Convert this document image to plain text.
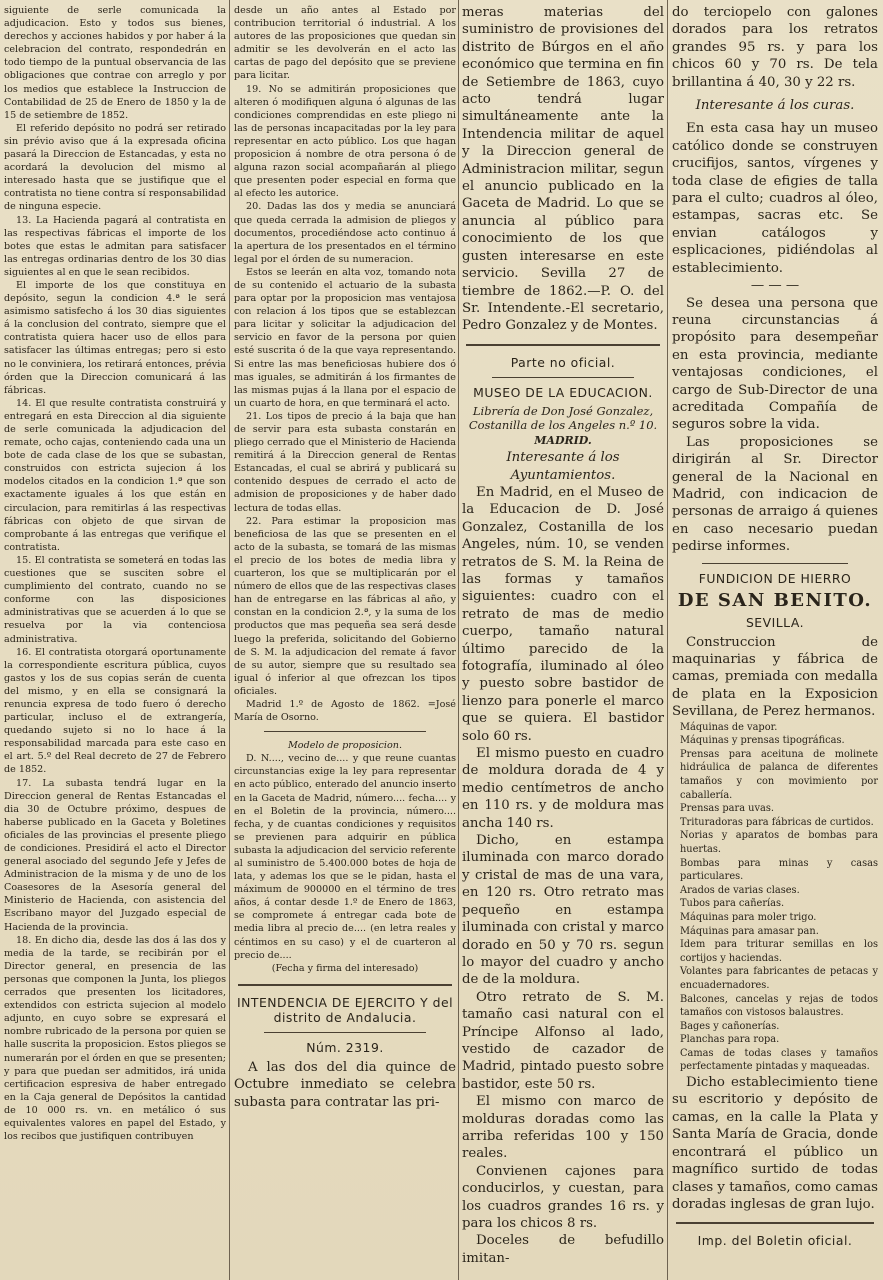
siguiente de serle comunicada la adjudicacion. Esto y todos sus bienes, derechos y acciones habidos y por haber á la celebracion del contrato, respondedrán en todo tiempo de la puntual observancia de las obligaciones que contrae con arreglo y por los medios que establece la Instruccion de Contabilidad de 25 de Enero de 1850 y la de 15 de setiembre de 1852.

El referido depósito no podrá ser retirado sin prévio aviso que á la expresada oficina pasará la Direccion de Estancadas, y esta no acordará la devolucion del mismo al interesado hasta que se justifique que el contratista no tiene contra sí responsabilidad de ninguna especie.

13. La Hacienda pagará al contratista en las respectivas fábricas el importe de los botes que estas le admitan para satisfacer las entregas ordinarias dentro de los 30 dias siguientes al en que le sean recibidos.

El importe de los que constituya en depósito, segun la condicion 4.ª le será asimismo satisfecho á los 30 dias siguientes á la conclusion del contrato, siempre que el contratista quiera hacer uso de ellos para satisfacer las últimas entregas; pero si esto no le conviniera, los retirará entonces, prévia órden que la Direccion comunicará á las fábricas.

14. El que resulte contratista construirá y entregará en esta Direccion al dia siguiente de serle comunicada la adjudicacion del remate, ocho cajas, conteniendo cada una un bote de cada clase de los que se subastan, construidos con estricta sujecion á los modelos citados en la condicion 1.ª que son exactamente iguales á los que están en circulacion, para remitirlas á las respectivas fábricas con objeto de que sirvan de comprobante á las entregas que verifique el contratista.

15. El contratista se someterá en todas las cuestiones que se susciten sobre el cumplimiento del contrato, cuando no se conforme con las disposiciones administrativas que se acuerden á lo que se resuelva por la via contenciosa administrativa.

16. El contratista otorgará oportunamente la correspondiente escritura pública, cuyos gastos y los de sus copias serán de cuenta del mismo, y en ella se consignará la renuncia expresa de todo fuero ó derecho particular, incluso el de extrangería, quedando sujeto si no lo hace á la responsabilidad marcada para este caso en el art. 5.º del Real decreto de 27 de Febrero de 1852.

17. La subasta tendrá lugar en la Direccion general de Rentas Estancadas el dia 30 de Octubre próximo, despues de haberse publicado en la Gaceta y Boletines oficiales de las provincias el presente pliego de condiciones. Presidirá el acto el Director general asociado del segundo Jefe y Jefes de Administracion de la misma y de uno de los Coasesores de la Asesoría general del Ministerio de Hacienda, con asistencia del Escribano mayor del Juzgado especial de Hacienda de la provincia.

18. En dicho dia, desde las dos á las dos y media de la tarde, se recibirán por el Director general, en presencia de las personas que componen la Junta, los pliegos cerrados que presenten los licitadores, extendidos con estricta sujecion al modelo adjunto, en cuyo sobre se expresará el nombre rubricado de la persona por quien se halle suscrita la proposicion. Estos pliegos se numerarán por el órden en que se presenten; y para que puedan ser admitidos, irá unida certificacion espresiva de haber entregado en la Caja general de Depósitos la cantidad de 10 000 rs. vn. en metálico ó sus equivalentes valores en papel del Estado, y los recibos que justifiquen contribuyen

desde un año antes al Estado por contribucion territorial ó industrial. A los autores de las proposiciones que quedan sin admitir se les devolverán en el acto las cartas de pago del depósito que se previene para licitar.

19. No se admitirán proposiciones que alteren ó modifiquen alguna ó algunas de las condiciones comprendidas en este pliego ni las de personas incapacitadas por la ley para representar en acto público. Los que hagan proposicion á nombre de otra persona ó de alguna razon social acompañarán al pliego que presenten poder especial en forma que al efecto les autorice.

20. Dadas las dos y media se anunciará que queda cerrada la admision de pliegos y documentos, procediéndose acto continuo á la apertura de los presentados en el término legal por el órden de su numeracion.

Estos se leerán en alta voz, tomando nota de su contenido el actuario de la subasta para optar por la proposicion mas ventajosa con relacion á los tipos que se establezcan para licitar y solicitar la adjudicacion del servicio en favor de la persona por quien esté suscrita ó de la que vaya representando. Si entre las mas beneficiosas hubiere dos ó mas iguales, se admitirán á los firmantes de las mismas pujas á la llana por el espacio de un cuarto de hora, en que terminará el acto.

21. Los tipos de precio á la baja que han de servir para esta subasta constarán en pliego cerrado que el Ministerio de Hacienda remitirá á la Direccion general de Rentas Estancadas, el cual se abrirá y publicará su contenido despues de cerrado el acto de admision de proposiciones y de haber dado lectura de todas ellas.

22. Para estimar la proposicion mas beneficiosa de las que se presenten en el acto de la subasta, se tomará de las mismas el precio de los botes de media libra y cuarteron, los que se multiplicarán por el número de ellos que de las respectivas clases han de entregarse en las fábricas al año, y constan en la condicion 2.ª, y la suma de los productos que mas pequeña sea será desde luego la preferida, solicitando del Gobierno de S. M. la adjudicacion del remate á favor de su autor, siempre que su resultado sea igual ó inferior al que ofrezcan los tipos oficiales.

Madrid 1.º de Agosto de 1862. =José María de Osorno.

Modelo de proposicion.

D. N...., vecino de.... y que reune cuantas circunstancias exige la ley para representar en acto público, enterado del anuncio inserto en la Gaceta de Madrid, número.... fecha.... y en el Boletin de la provincia, número.... fecha, y de cuantas condiciones y requisitos se previenen para adquirir en pública subasta la adjudicacion del servicio referente al suministro de 5.400.000 botes de hoja de lata, y ademas los que se le pidan, hasta el máximum de 900000 en el término de tres años, á contar desde 1.º de Enero de 1863, se compromete á entregar cada bote de media libra al precio de.... (en letra reales y céntimos en su caso) y el de cuarteron al precio de....

(Fecha y firma del interesado)

INTENDENCIA DE EJERCITO Y del distrito de Andalucia.
Núm. 2319.

A las dos del dia quince de Octubre inmediato se celebra subasta para contratar las pri-

meras materias del suministro de provisiones del distrito de Búrgos en el año económico que termina en fin de Setiembre de 1863, cuyo acto tendrá lugar simultáneamente ante la Intendencia militar de aquel y la Direccion general de Administracion militar, segun el anuncio publicado en la Gaceta de Madrid. Lo que se anuncia al público para conocimiento de los que gusten interesarse en este servicio. Sevilla 27 de tiembre de 1862.—P. O. del Sr. Intendente.-El secretario, Pedro Gonzalez y de Montes.

Parte no oficial.
MUSEO DE LA EDUCACION.

Librería de Don José Gonzalez, Costanilla de los Angeles n.º 10.

MADRID.

Interesante á los Ayuntamientos.

En Madrid, en el Museo de la Educacion de D. José Gonzalez, Costanilla de los Angeles, núm. 10, se venden retratos de S. M. la Reina de las formas y tamaños siguientes: cuadro con el retrato de mas de medio cuerpo, tamaño natural último parecido de la fotografía, iluminado al óleo y puesto sobre bastidor de lienzo para ponerle el marco que se quiera. El bastidor solo 60 rs.

El mismo puesto en cuadro de moldura dorada de 4 y medio centímetros de ancho en 110 rs. y de moldura mas ancha 140 rs.

Dicho, en estampa iluminada con marco dorado y cristal de mas de una vara, en 120 rs. Otro retrato mas pequeño en estampa iluminada con cristal y marco dorado en 50 y 70 rs. segun lo mayor del cuadro y ancho de de la moldura.

Otro retrato de S. M. tamaño casi natural con el Príncipe Alfonso al lado, vestido de cazador de Madrid, pintado puesto sobre bastidor, este 50 rs.

El mismo con marco de molduras doradas como las arriba referidas 100 y 150 reales.

Convienen cajones para conducirlos, y cuestan, para los cuadros grandes 16 rs. y para los chicos 8 rs.

Doceles de befudillo imitan-

do terciopelo con galones dorados para los retratos grandes 95 rs. y para los chicos 60 y 70 rs. De tela brillantina á 40, 30 y 22 rs.

Interesante á los curas.

En esta casa hay un museo católico donde se construyen crucifijos, santos, vírgenes y toda clase de efigies de talla para el culto; cuadros al óleo, estampas, sacras etc. Se envian catálogos y esplicaciones, pidiéndolas al establecimiento.

— — —

Se desea una persona que reuna circunstancias á propósito para desempeñar en esta provincia, mediante ventajosas condiciones, el cargo de Sub-Director de una acreditada Compañía de seguros sobre la vida.

Las proposiciones se dirigirán al Sr. Director general de la Nacional en Madrid, con indicacion de personas de arraigo á quienes en caso necesario puedan pedirse informes.

FUNDICION DE HIERRO
DE SAN BENITO.
SEVILLA.

Construccion de maquinarias y fábrica de camas, premiada con medalla de plata en la Exposicion Sevillana, de Perez hermanos.

Máquinas de vapor.

Máquinas y prensas tipográficas.

Prensas para aceituna de molinete hidráulica de palanca de diferentes tamaños y con movimiento por caballería.

Prensas para uvas.

Trituradoras para fábricas de curtidos.

Norias y aparatos de bombas para huertas.

Bombas para minas y casas particulares.

Arados de varias clases.

Tubos para cañerías.

Máquinas para moler trigo.

Máquinas para amasar pan.

Idem para triturar semillas en los cortijos y haciendas.

Volantes para fabricantes de petacas y encuadernadores.

Balcones, cancelas y rejas de todos tamaños con vistosos balaustres.

Bages y cañonerías.

Planchas para ropa.

Camas de todas clases y tamaños perfectamente pintadas y maqueadas.

Dicho establecimiento tiene su escritorio y depósito de camas, en la calle la Plata y Santa María de Gracia, donde encontrará el público un magnífico surtido de todas clases y tamaños, como camas doradas inglesas de gran lujo.

Imp. del Boletin oficial.
